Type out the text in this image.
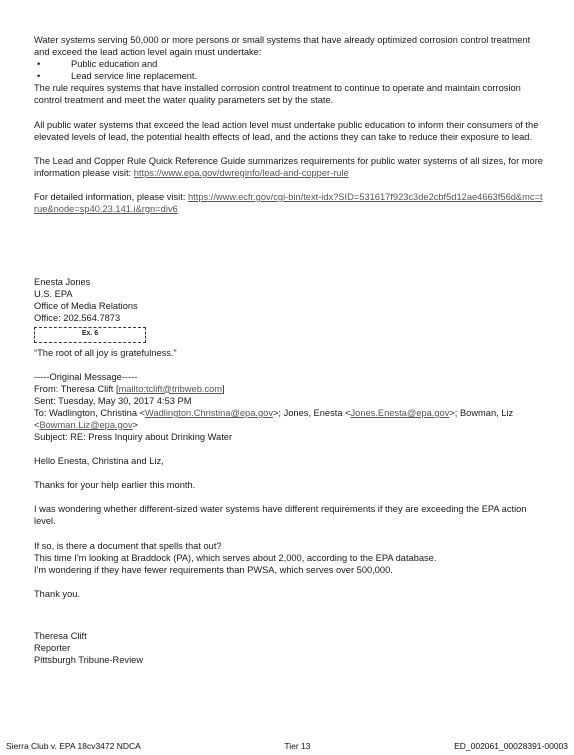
Water systems serving 50,000 or more persons or small systems that have already optimized corrosion control treatment and exceed the lead action level again must undertake:

•	Public education and
•	Lead service line replacement.

The rule requires systems that have installed corrosion control treatment to continue to operate and maintain corrosion control treatment and meet the water quality parameters set by the state.

All public water systems that exceed the lead action level must undertake public education to inform their consumers of the elevated levels of lead, the potential health effects of lead, and the actions they can take to reduce their exposure to lead.

The Lead and Copper Rule Quick Reference Guide summarizes requirements for public water systems of all sizes, for more information please visit: https://www.epa.gov/dwreginfo/lead-and-copper-rule

For detailed information, please visit: https://www.ecfr.gov/cgi-bin/text-idx?SID=531617f923c3de2cbf5d12ae4663f56d&mc=true&node=sp40.23.141.i&rgn=div6

Enesta Jones

U.S. EPA

Office of Media Relations

Office: 202.564.7873

Ex. 6

“The root of all joy is gratefulness.”

-----Original Message-----

From: Theresa Clift [mailto:tclift@tribweb.com]

Sent: Tuesday, May 30, 2017 4:53 PM

To: Wadlington, Christina <Wadlington.Christina@epa.gov>; Jones, Enesta <Jones.Enesta@epa.gov>; Bowman, Liz <Bowman.Liz@epa.gov>

Subject: RE: Press Inquiry about Drinking Water

Hello Enesta, Christina and Liz,

Thanks for your help earlier this month.

I was wondering whether different-sized water systems have different requirements if they are exceeding the EPA action level.

If so, is there a document that spells that out?

This time I'm looking at Braddock (PA), which serves about 2,000, according to the EPA database.

I'm wondering if they have fewer requirements than PWSA, which serves over 500,000.

Thank you.

Theresa Clift

Reporter

Pittsburgh Tribune-Review

Sierra Club v. EPA 18cv3472 NDCA	Tier 13	ED_002061_00028391-00003
